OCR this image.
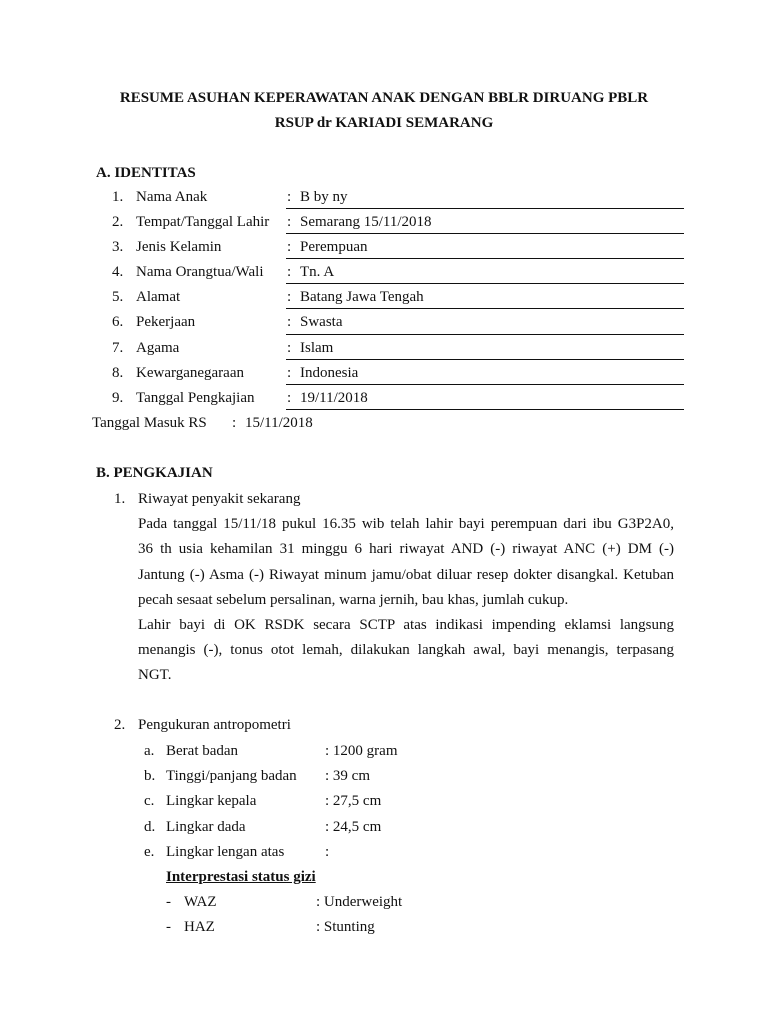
RESUME ASUHAN KEPERAWATAN ANAK DENGAN BBLR DIRUANG PBLR
RSUP dr KARIADI SEMARANG
A. IDENTITAS
1. Nama Anak	: B by ny
2. Tempat/Tanggal Lahir : Semarang 15/11/2018
3. Jenis Kelamin	: Perempuan
4. Nama Orangtua/Wali : Tn. A
5. Alamat	: Batang Jawa Tengah
6. Pekerjaan	: Swasta
7. Agama	: Islam
8. Kewarganegaraan	: Indonesia
9. Tanggal Pengkajian : 19/11/2018
Tanggal Masuk RS : 15/11/2018
B. PENGKAJIAN
1. Riwayat penyakit sekarang
Pada tanggal 15/11/18 pukul 16.35 wib telah lahir bayi perempuan dari ibu G3P2A0,
36 th usia kehamilan 31 minggu 6 hari riwayat AND (-) riwayat ANC (+) DM (-)
Jantung (-) Asma (-) Riwayat minum jamu/obat diluar resep dokter disangkal. Ketuban
pecah sesaat sebelum persalinan, warna jernih, bau khas, jumlah cukup.
Lahir bayi di OK RSDK secara SCTP atas indikasi impending eklamsi langsung
menangis (-), tonus otot lemah, dilakukan langkah awal, bayi menangis, terpasang
NGT.
2. Pengukuran antropometri
a. Berat badan	: 1200 gram
b. Tinggi/panjang badan : 39 cm
c. Lingkar kepala	: 27,5 cm
d. Lingkar dada	: 24,5 cm
e. Lingkar lengan atas	:
Interprestasi status gizi
- WAZ	: Underweight
- HAZ	: Stunting
